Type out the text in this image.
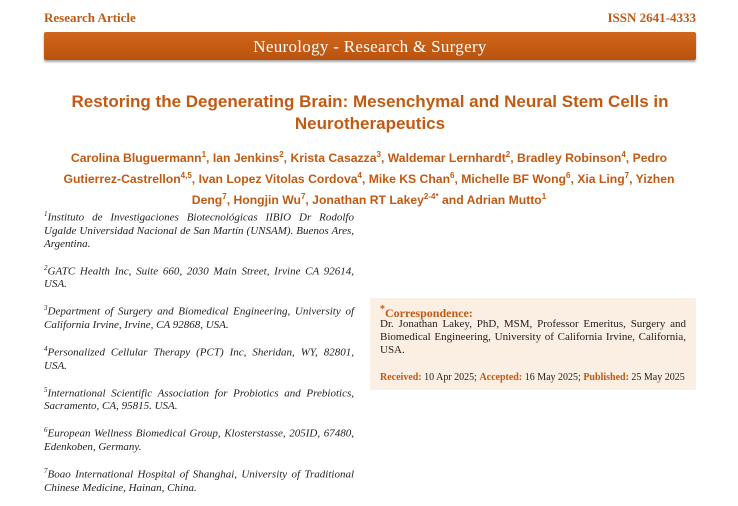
Research Article	ISSN 2641-4333
Neurology - Research & Surgery
Restoring the Degenerating Brain: Mesenchymal and Neural Stem Cells in Neurotherapeutics
Carolina Bluguermann$^1$, Ian Jenkins$^2$, Krista Casazza$^3$, Waldemar Lernhardt$^2$, Bradley Robinson$^4$, Pedro Gutierrez-Castrellon$^{4,5}$, Ivan Lopez Vitolas Cordova$^4$, Mike KS Chan$^6$, Michelle BF Wong$^6$, Xia Ling$^7$, Yizhen Deng$^7$, Hongjin Wu$^7$, Jonathan RT Lakey$^{2-4*}$ and Adrian Mutto$^1$

$^1$Instituto de Investigaciones Biotecnológicas IIBIO Dr Rodolfo Ugalde Universidad Nacional de San Martín (UNSAM). Buenos Ares, Argentina.

$^2$GATC Health Inc, Suite 660, 2030 Main Street, Irvine CA 92614, USA.

$^3$Department of Surgery and Biomedical Engineering, University of California Irvine, Irvine, CA 92868, USA.

$^4$Personalized Cellular Therapy (PCT) Inc, Sheridan, WY, 82801, USA.

$^5$International Scientific Association for Probiotics and Prebiotics, Sacramento, CA, 95815. USA.

$^6$European Wellness Biomedical Group, Klosterstasse, 205ID, 67480, Edenkoben, Germany.

$^7$Boao International Hospital of Shanghai, University of Traditional Chinese Medicine, Hainan, China.

*Correspondence:
Dr. Jonathan Lakey, PhD, MSM, Professor Emeritus, Surgery and Biomedical Engineering, University of California Irvine, California, USA.
Received: 10 Apr 2025; Accepted: 16 May 2025; Published: 25 May 2025
